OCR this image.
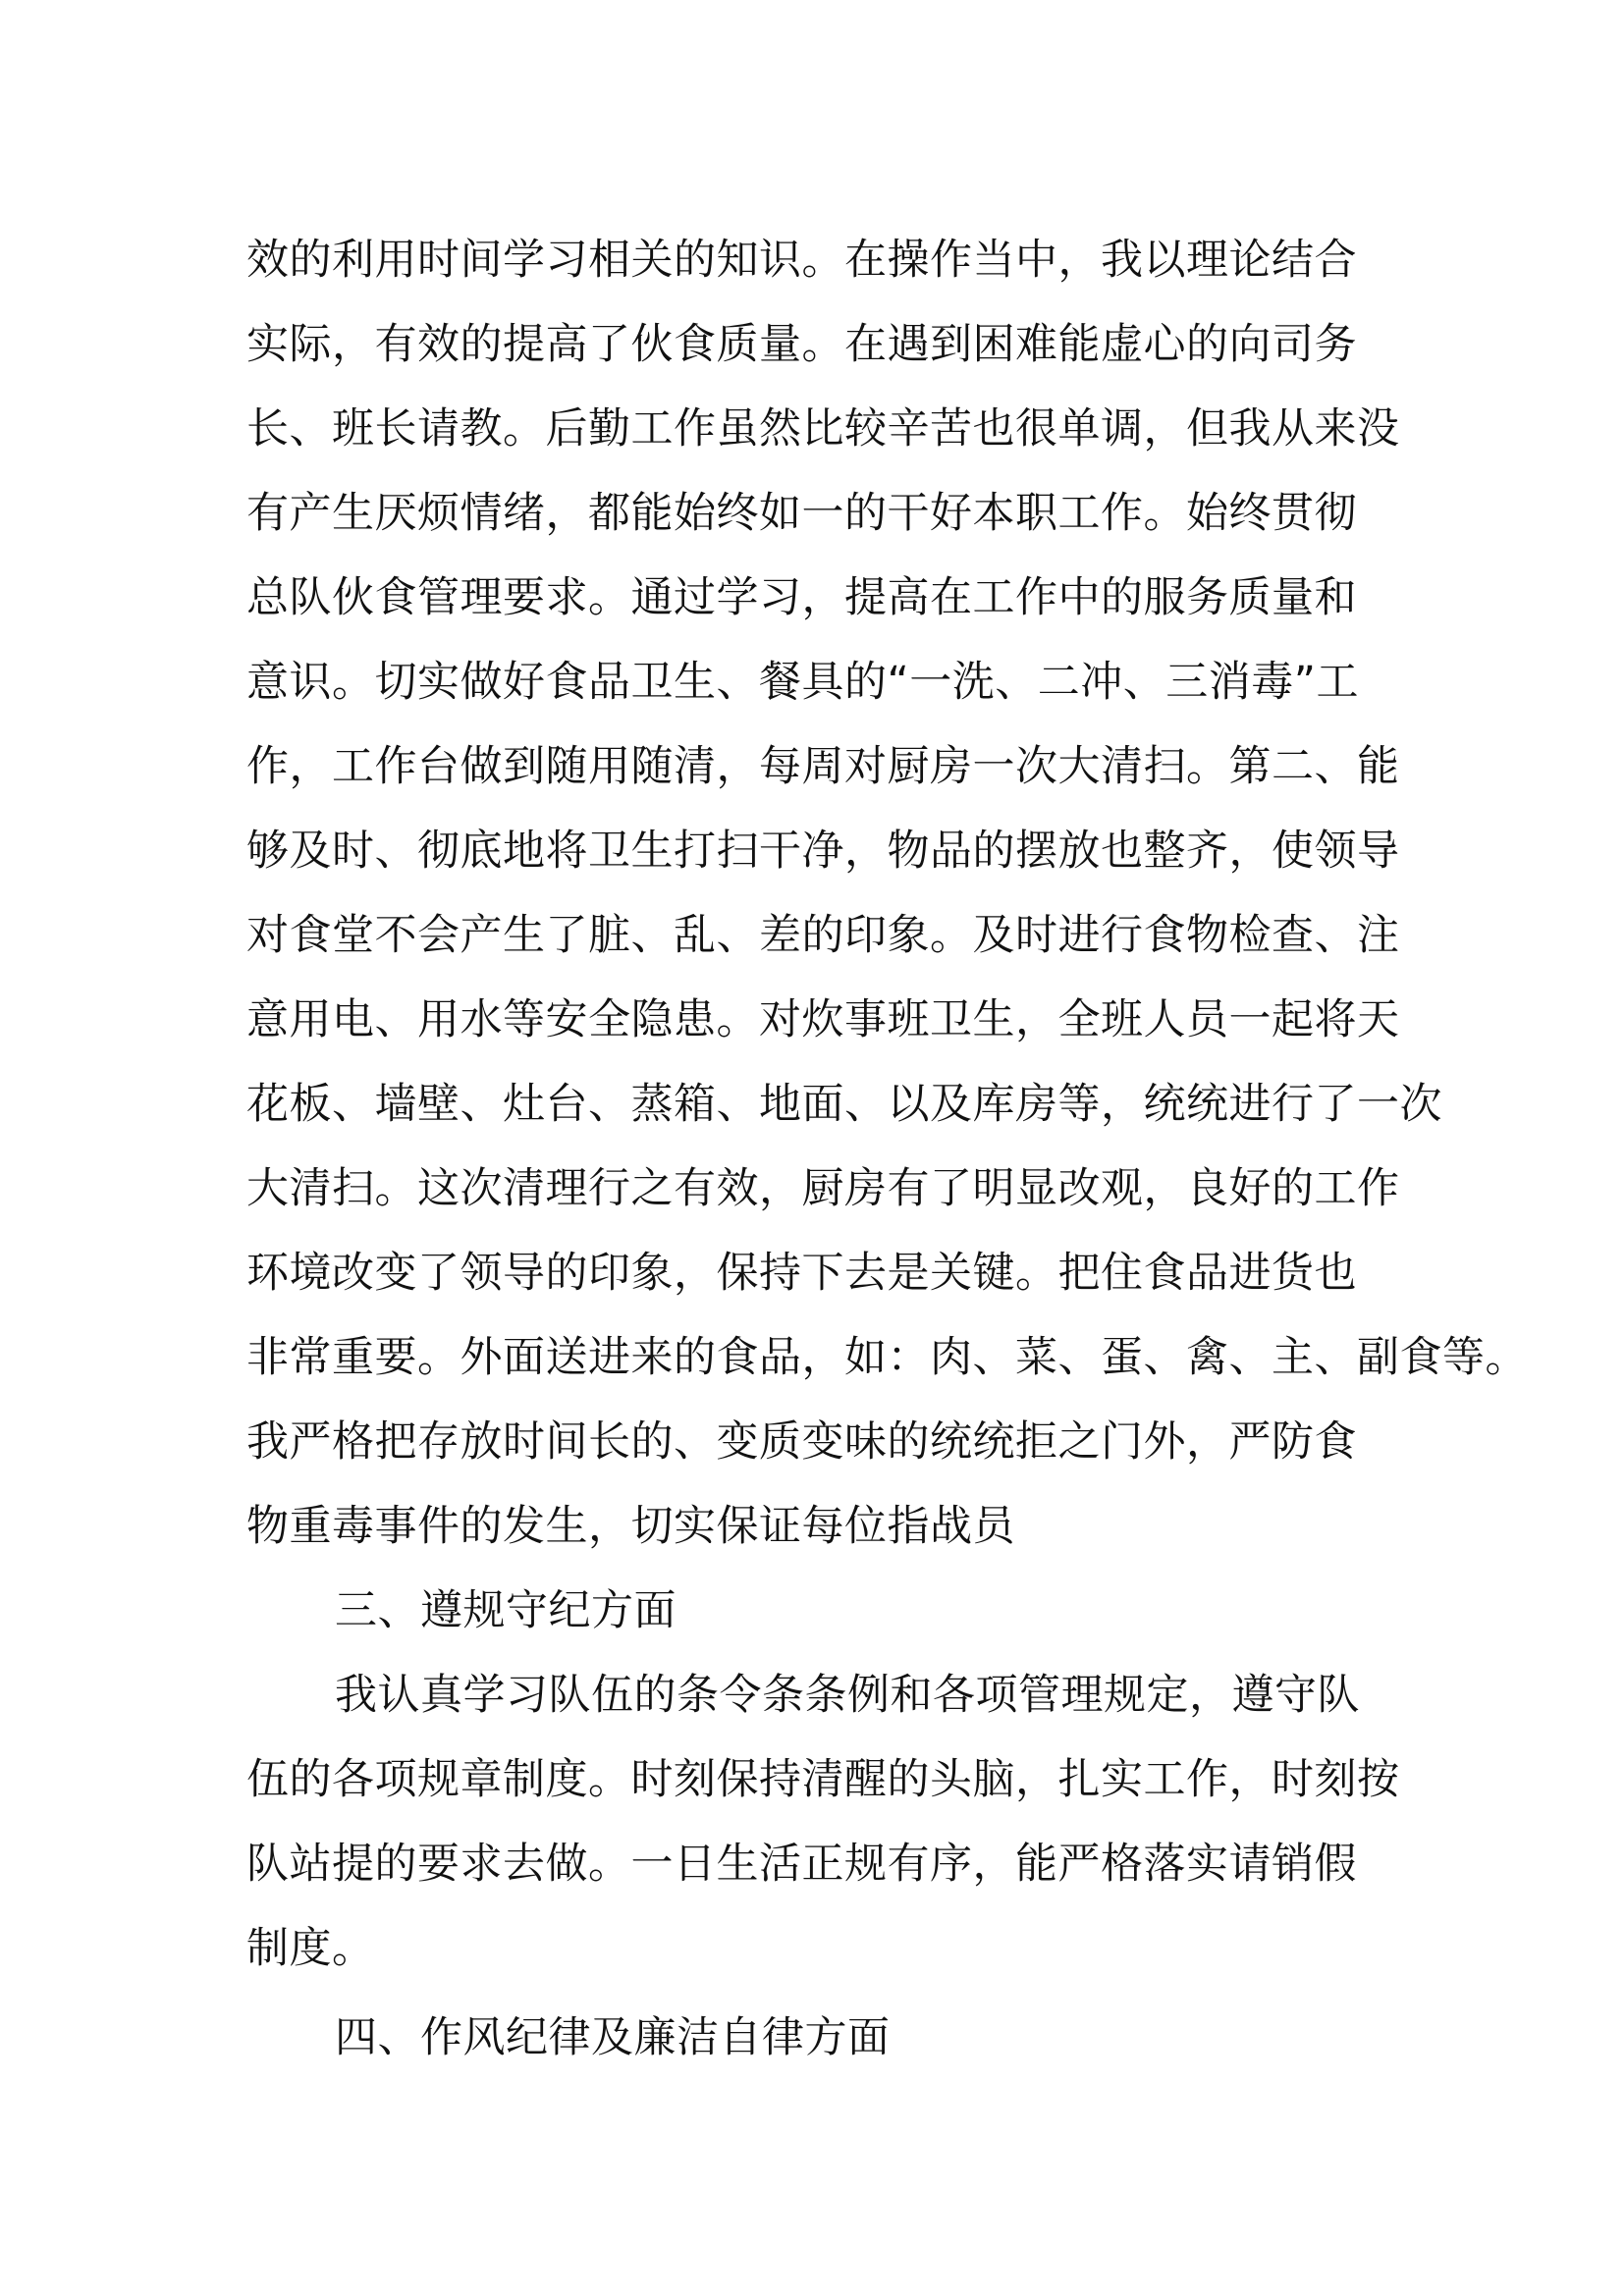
效的利用时间学习相关的知识。在操作当中，我以理论结合
实际，有效的提高了伙食质量。在遇到困难能虚心的向司务
长、班长请教。后勤工作虽然比较辛苦也很单调，但我从来没
有产生厌烦情绪，都能始终如一的干好本职工作。始终贯彻
总队伙食管理要求。通过学习，提高在工作中的服务质量和
意识。切实做好食品卫生、餐具的“一洗、二冲、三消毒”工
作，工作台做到随用随清，每周对厨房一次大清扫。第二、能
够及时、彻底地将卫生打扫干净，物品的摆放也整齐，使领导
对食堂不会产生了脏、乱、差的印象。及时进行食物检查、注
意用电、用水等安全隐患。对炊事班卫生，全班人员一起将天
花板、墙壁、灶台、蒸箱、地面、以及库房等，统统进行了一次
大清扫。这次清理行之有效，厨房有了明显改观，良好的工作
环境改变了领导的印象，保持下去是关键。把住食品进货也
非常重要。外面送进来的食品，如：肉、菜、蛋、禽、主、副食等。
我严格把存放时间长的、变质变味的统统拒之门外，严防食
物重毒事件的发生，切实保证每位指战员
三、遵规守纪方面
我认真学习队伍的条令条条例和各项管理规定，遵守队
伍的各项规章制度。时刻保持清醒的头脑，扎实工作，时刻按
队站提的要求去做。一日生活正规有序，能严格落实请销假
制度。
四、作风纪律及廉洁自律方面
